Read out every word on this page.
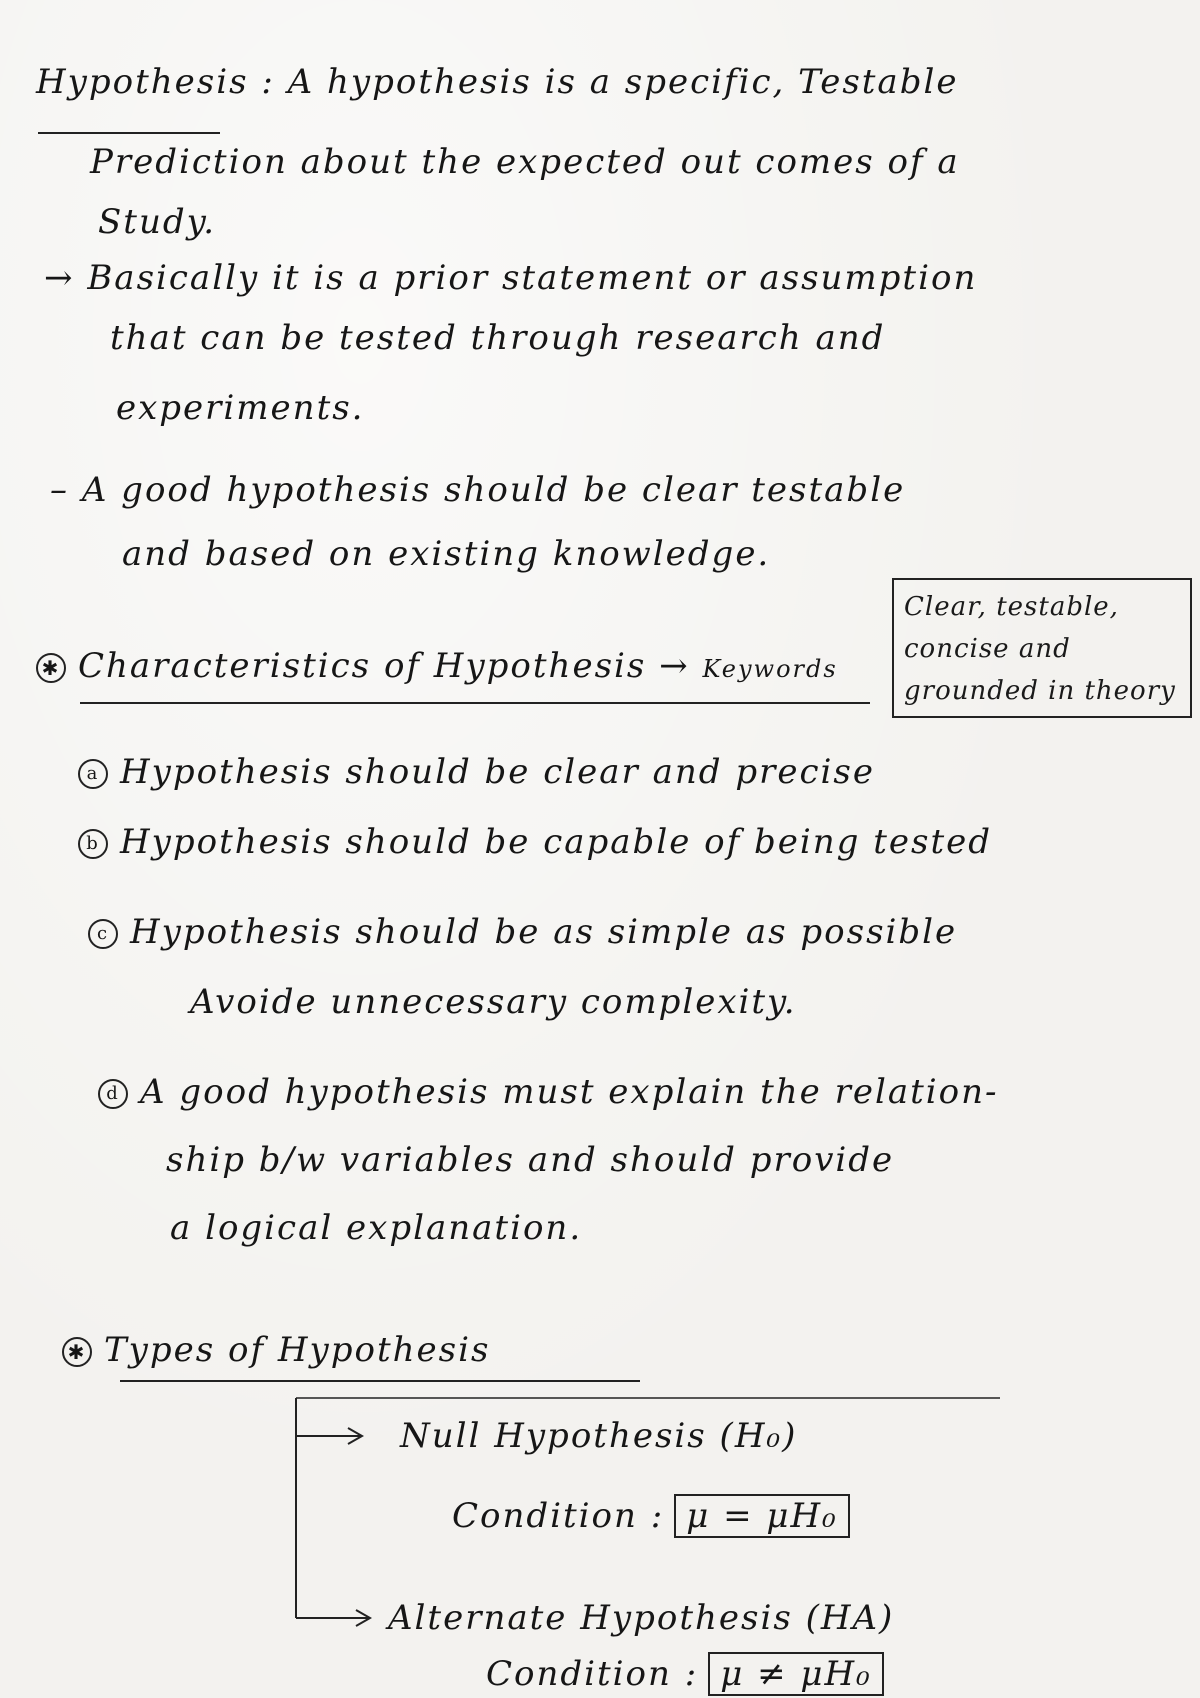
Hypothesis : A hypothesis is a specific, Testable
Prediction about the expected out comes of a
Study.
→ Basically it is a prior statement or assumption
that can be tested through research and
experiments.
– A good hypothesis should be clear testable
and based on existing knowledge.
✱ Characteristics of Hypothesis → Keywords
Clear, testable,
concise and
grounded in theory
a Hypothesis should be clear and precise
b Hypothesis should be capable of being tested
c Hypothesis should be as simple as possible
Avoide unnecessary complexity.
d A good hypothesis must explain the relation-
ship b/w variables and should provide
a logical explanation.
✱ Types of Hypothesis
Null Hypothesis (H₀)
Condition : μ = μH₀
Alternate Hypothesis (HA)
Condition : μ ≠ μH₀
